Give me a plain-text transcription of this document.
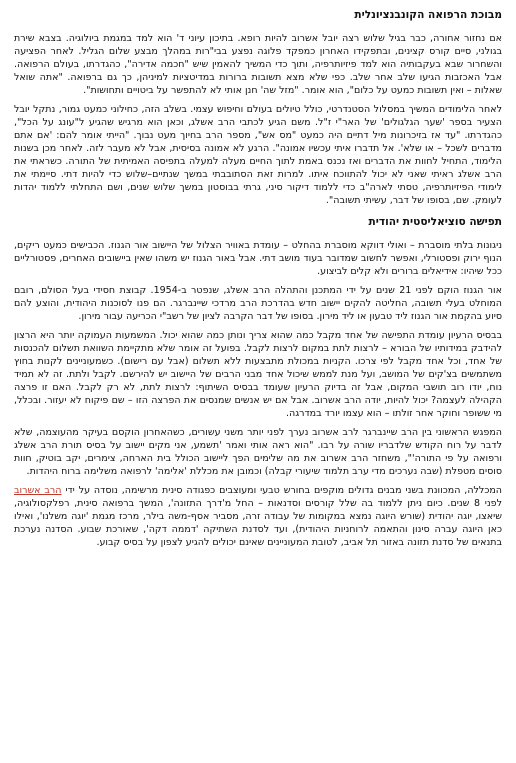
מבוכת הרפואה הקונבנציונלית

אם נחזור אחורה, כבר בגיל שלוש רצה יובל אשרוב להיות רופא. בתיכון עיוני ד' הוא למד במגמת ביולוגיה. בצבא שירת בגולני, סיים קורס קצינים, ובתפקידו האחרון כמפקד פלוגה נפצע בבי"רות במהלך מבצע שלום הגליל. לאחר הפציעה והשחרור שבא בעקבותיה הוא למד פיזיותרפיה, ותוך כדי המשיך להאמין שיש "חכמה אדירה", כהגדרתו, בעולם הרפואה. אבל האכזבות הגיעו שלב אחר שלב. כפי שלא מצא תשובות ברורות במדיטציות למיניהן, כך גם ברפואה. "אתה שואל שאלות – ואין תשובות כמעט על כלום", הוא אומר. "מזל שה' חנן אותי לא להתפשר על ביטויים ותחושות".

לאחר הלימודים המשיך במסלול הסטנדרטי, כולל טיולים בעולם וחיפוש עצמי. בשלב הזה, כחילוני כמעט גמור, נתקל יובל הצעיר בספר 'שער הגלגולים' של האר"י ז"ל. משם הגיע לכתבי הרב אשלג, וכאן הוא מרגיש שהגיע ל"עונג על הכל", כהגדרתו. "עד אז בזיכרונות מיל דתיים היה כמעט "מס אש", מספר הרב בחיוך מעט נבוך. "הייתי אומר להם: 'אם אתם מדברים לשכל – או שלא'. אל תדברו איתי עכשיו אמונה". הרגע לא אמונה בסיסית, אבל לא מעבר לזה. לאחר מכן בשנות הלימוד, התחיל לחוות את הדברים ואז נכנס באמת לתוך החיים מעלה למעלה בתפיסה האמיתית של התורה. כשראתי את הרב אשלג ראיתי שאני לא יכול להתווכח איתו. למרות זאת הסתובבתי במשך שנתיים–שלוש כדי להיות דתי. סיימתי את לימודי הפיזיותרפיה, טסתי לארה"ב כדי ללמוד דיקור סיני, גרתי בבוסטון במשך שלוש שנים, ושם התחלתי ללמוד יהדות לעומק. שם, בסופו של דבר, עשיתי תשובה".

תפישה סוציאליסטית יהודית

ניגונות בלתי מוסברת – ואולי דווקא מוסברת בהחלט – עומדת באוויר הצלול של היישוב אור הגנוז. הכבישים כמעט ריקים, הנוף ירוק ופסטורלי, ואפשר לחשוב שמדובר בעוד מושב דתי. אבל באור הגנוז יש משהו שאין ביישובים האחרים, פסטורליים ככל שיהיו: אידיאלים ברורים ולא קלים לביצוע.

אור הגנוז הוקם לפני 21 שנים על ידי המתכנן והתהלה הרב אשלג, שנפטר ב-1954. קבוצת חסידי בעל הסולם, רובם המוחלט בעלי תשובה, החליטה להקים יישוב חדש בהדרכת הרב מרדכי שיינברגר. הם פנו לסוכנות היהודית, והוצע להם סיוע בהקמת אור הגנוז ליד טבעון או ליד מירון. בסופו של דבר הקרבה לציון של רשב"י הכריעה עבור מירון.

בבסיס הרעיון עומדת התפישה של אחד מקבל כמה שהוא צריך ונותן כמה שהוא יכול. המשמעות העמוקה יותר היא הרצון להידבק במידותיו של הבורא – לרצות לתת במקום לרצות לקבל. בפועל זה אומר שלא מתקיימת השוואת תשלום להכנסות של אחד, וכל אחד מקבל לפי צרכו. הקניות במכולת מתבצעות ללא תשלום (אבל עם רישום). כשמעוניינים לקנות בחוץ משתמשים בצ'קים של המושב, ועל מנת לממש שיכול אחד מבני הרבים של היישוב יש להירשם. לקבל ולתת. זה לא תמיד נוח, יודו רוב תושבי המקום, אבל זה בדיוק הרעיון שעומד בבסיס השיתוף: לרצות לתת, לא רק לקבל. האם זו פרצה הקהילה לעצמה? יכול להיות, יודה הרב אשרוב. אבל אם יש אנשים שמנסים את הפרצה הזו – שם פיקוח לא יעזור. ובכלל, מי ששופר וחוקר אחר זולתו – הוא עצמו יורד במדרגה.

המפגש הראשוני בין הרב שיינברגר לרב אשרוב נערך לפני יותר משני עשורים, כשהאחרון הוקסם בעיקר מהעוצמה, שלא לדבר על רוח הקודש שלדבריו שורה על רבו. "הוא ראה אותי ואמר 'תשמע, אני מקים יישוב על בסיס תורת הרב אשלג ורפואה על פי התורה'", משחזר הרב אשרוב את מה שלימים הפך ליישוב הכולל בית הארחה, צימרים, יקב בוטיק, חוות סוסים מטפלת (שבה נערכים מדי ערב תלמוד שיעורי קבלה) וכמובן את מכללת 'אלימה' לרפואה משלימה ברוח היהדות.

המכללה, המכוונת בשני מבנים גדולים מוקפים בחורש טבעי ומעוצבים כפגודה סינית מרשימה, נוסדה על ידי הרב אשרוב לפני 8 שנים. כיום ניתן ללמוד בה שלל קורסים וסדנאות – החל מ'דרך התזונה', המשך ברפואה סינית, רפלקסולוגיה, שיאצו, יוגה יהודית (שורש היוגה נמצא במקומות של עבודה זרה, מסביר אסף-משה בילר, מרכז מגמת 'יוגה משלנו', ואילו כאן היוגה עברה סינון והתאמה לרוחניות היהודית), ועד לסדנת השתיקה 'דממה דקה', שאורכת שבוע. הסדנה נערכת בתנאים של סדנת תזונה באזור תל אביב, לטובת המעוניינים שאינם יכולים להגיע לצפון על בסיס קבוע.
